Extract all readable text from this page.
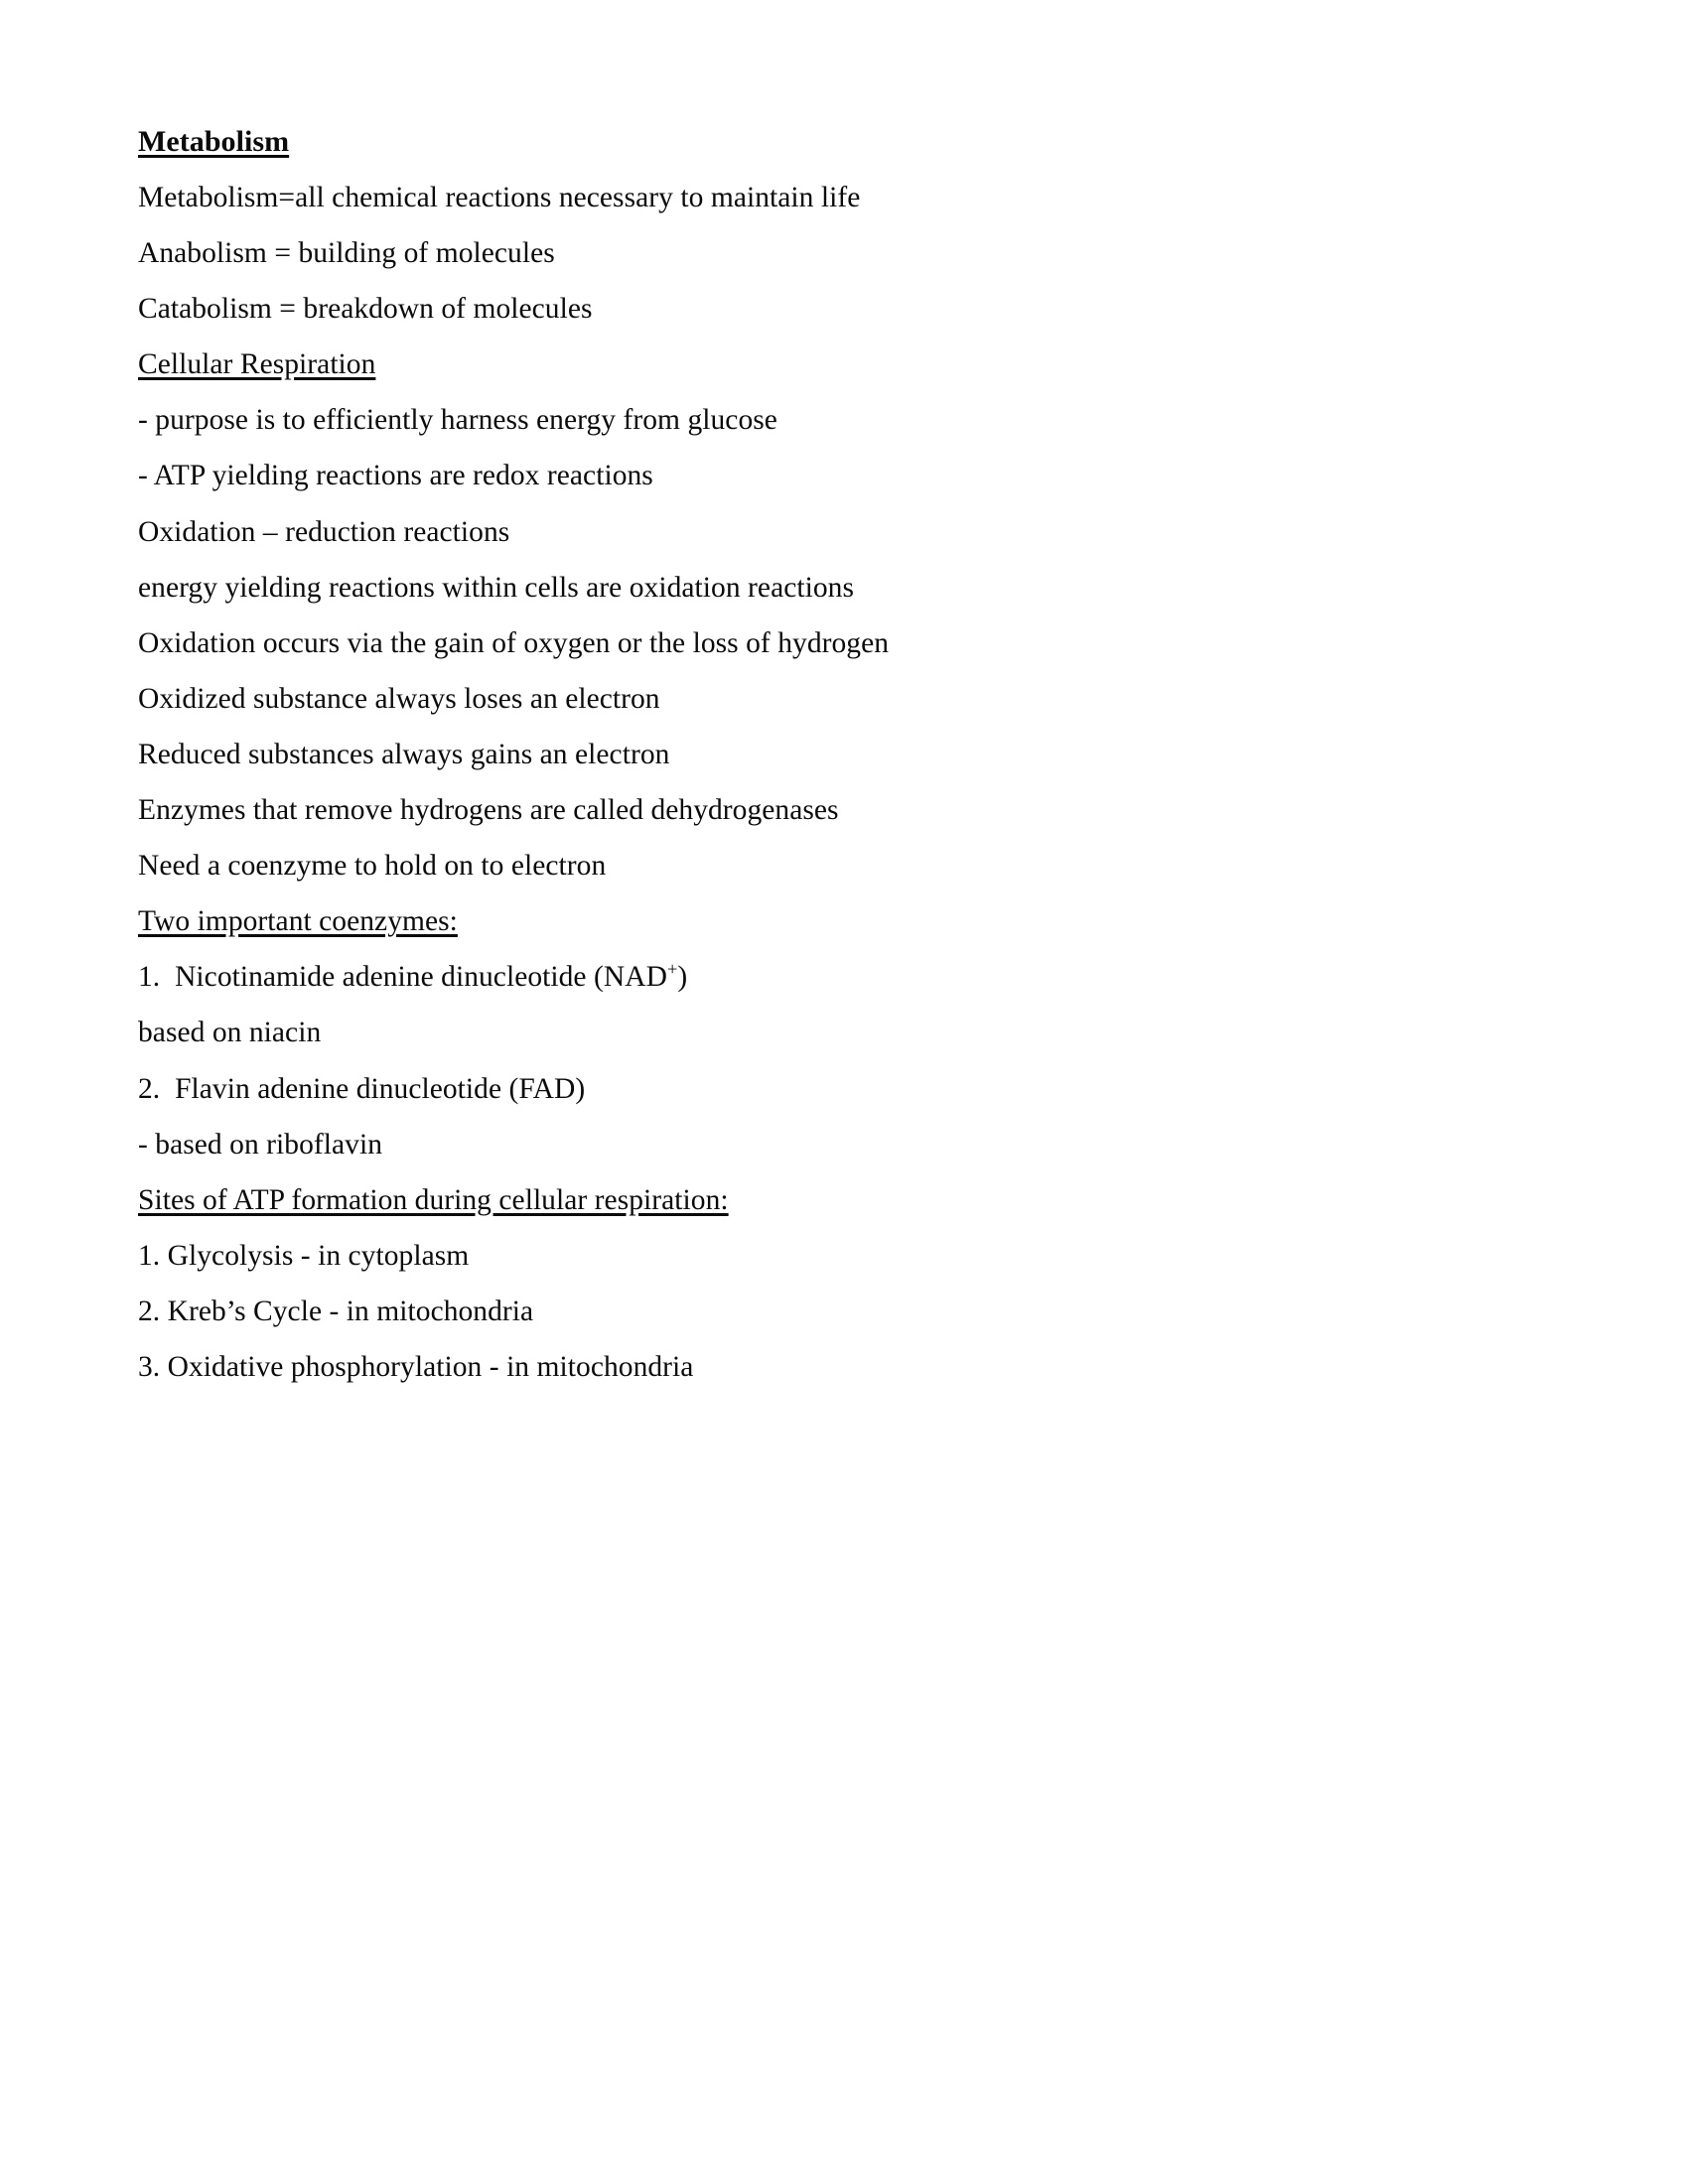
Metabolism

Metabolism=all chemical reactions necessary to maintain life

Anabolism = building of molecules

Catabolism = breakdown of molecules

Cellular Respiration

- purpose is to efficiently harness energy from glucose

- ATP yielding reactions are redox reactions

Oxidation – reduction reactions

energy yielding reactions within cells are oxidation reactions

Oxidation occurs via the gain of oxygen or the loss of hydrogen

Oxidized substance always loses an electron

Reduced substances always gains an electron

Enzymes that remove hydrogens are called dehydrogenases

Need a coenzyme to hold on to electron

Two important coenzymes:

1.  Nicotinamide adenine dinucleotide (NAD+)

based on niacin

2.  Flavin adenine dinucleotide (FAD)

- based on riboflavin

Sites of ATP formation during cellular respiration:

1. Glycolysis - in cytoplasm

2. Kreb’s Cycle - in mitochondria

3. Oxidative phosphorylation - in mitochondria
